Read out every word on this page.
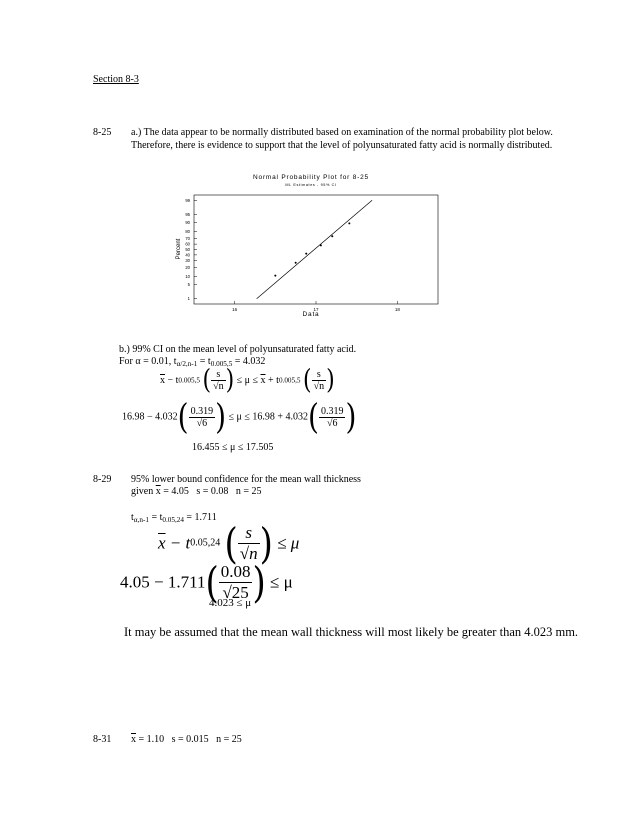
Section 8-3
8-25 a.) The data appear to be normally distributed based on examination of the normal probability plot below.
Therefore, there is evidence to support that the level of polyunsaturated fatty acid is normally distributed.
Normal Probability Plot for 8-25
ML Estimates - 95% CI
1
5
10
20
30
40
50
60
70
80
90
95
99
16	17	18
Percent
Data
b.) 99% CI on the mean level of polyunsaturated fatty acid.
For α = 0.01, $t_{\alpha/2,n-1} = t_{0.005,5} = 4.032$
$\overline{x} - t0.005,5$ ( $\frac{s}{√n}$ ) ≤ $\mu \le \overline{x} + t0.005,5$ ( $\frac{s}{√n}$ )
$16.98 - 4.032( \frac{0.319}{√6}$ ) ≤ $\mu \le 16.98 + 4.032( \frac{0.319}{√6}$ )
16.455 ≤ μ ≤ 17.505
8-29 95% lower bound confidence for the mean wall thickness
given $\overline{x} = 4.05$   s = 0.08   n = 25
$t_{\alpha,n-1} = t_{0.05,24} = 1.711$
$\overline{x} - t0.05,24$ ( $\frac{s}{√n}$ ) ≤ μ
$4.05 - 1.711( \frac{0.08}{√25}$ ) ≤ μ
4.023 ≤ μ
It may be assumed that the mean wall thickness will most likely be greater than 4.023 mm.
8-31 $\overline{x} = 1.10$   s = 0.015   n = 25
